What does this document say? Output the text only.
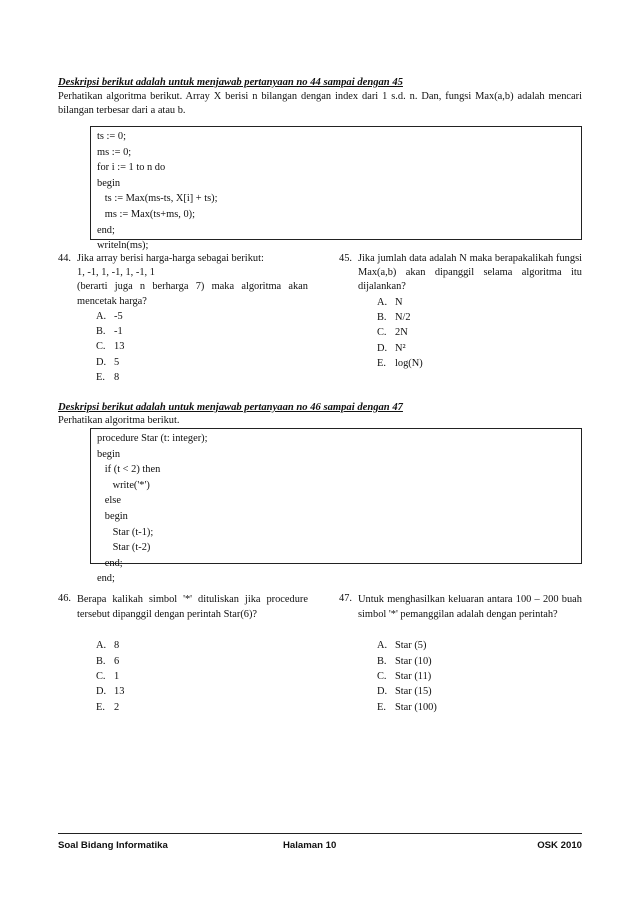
Deskripsi berikut adalah untuk menjawab pertanyaan no 44 sampai dengan 45
Perhatikan algoritma berikut. Array X berisi n bilangan dengan index dari 1 s.d. n. Dan, fungsi Max(a,b) adalah mencari bilangan terbesar dari a atau b.
ts := 0;
ms := 0;
for i := 1 to n do
begin
ts := Max(ms-ts, X[i] + ts);
ms := Max(ts+ms, 0);
end;
writeln(ms);
44. Jika array berisi harga-harga sebagai berikut:
1, -1, 1, -1, 1, -1, 1
(berarti juga n berharga 7) maka algoritma akan mencetak harga?
A. -5
B. -1
C. 13
D. 5
E. 8
45. Jika jumlah data adalah N maka berapakalikah fungsi Max(a,b) akan dipanggil selama algoritma itu dijalankan?
A. N
B. N/2
C. 2N
D. N²
E. log(N)
Deskripsi berikut adalah untuk menjawab pertanyaan no 46 sampai dengan 47
Perhatikan algoritma berikut.
procedure Star (t: integer);
begin
if (t < 2) then
write('*')
else
begin
Star (t-1);
Star (t-2)
end;
end;
46. Berapa kalikah simbol '*' dituliskan jika procedure tersebut dipanggil dengan perintah Star(6)?
A. 8
B. 6
C. 1
D. 13
E. 2
47. Untuk menghasilkan keluaran antara 100 – 200 buah simbol '*' pemanggilan adalah dengan perintah?
A. Star (5)
B. Star (10)
C. Star (11)
D. Star (15)
E. Star (100)
Soal Bidang Informatika	Halaman 10	OSK 2010
